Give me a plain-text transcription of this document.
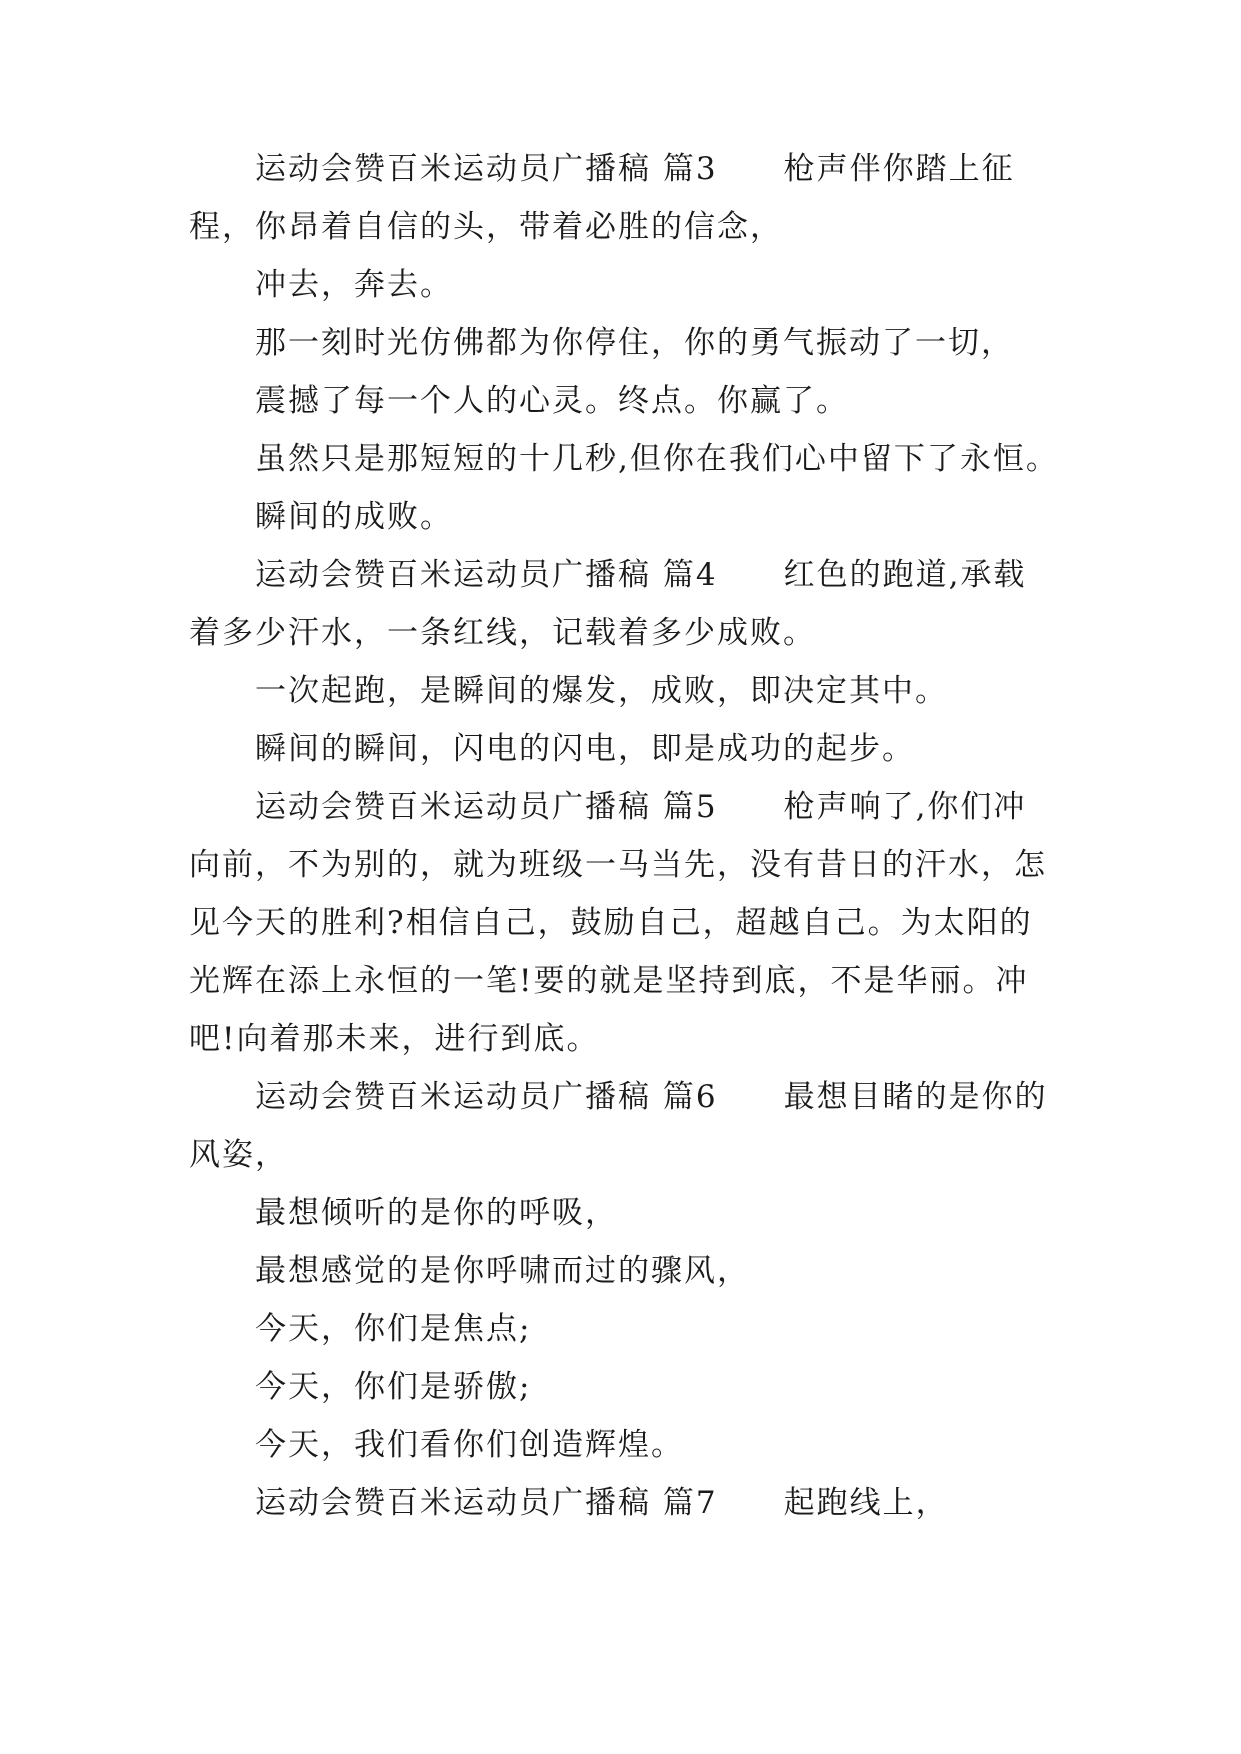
运动会赞百米运动员广播稿 篇3　　枪声伴你踏上征程，你昂着自信的头，带着必胜的信念，

冲去，奔去。

那一刻时光仿佛都为你停住，你的勇气振动了一切，

震撼了每一个人的心灵。终点。你赢了。

虽然只是那短短的十几秒,但你在我们心中留下了永恒。

瞬间的成败。

运动会赞百米运动员广播稿 篇4　　红色的跑道,承载着多少汗水，一条红线，记载着多少成败。

一次起跑，是瞬间的爆发，成败，即决定其中。

瞬间的瞬间，闪电的闪电，即是成功的起步。

运动会赞百米运动员广播稿 篇5　　枪声响了,你们冲向前，不为别的，就为班级一马当先，没有昔日的汗水，怎见今天的胜利?相信自己，鼓励自己，超越自己。为太阳的光辉在添上永恒的一笔!要的就是坚持到底，不是华丽。冲吧!向着那未来，进行到底。

运动会赞百米运动员广播稿 篇6　　最想目睹的是你的风姿，

最想倾听的是你的呼吸，

最想感觉的是你呼啸而过的骤风，

今天，你们是焦点;

今天，你们是骄傲;

今天，我们看你们创造辉煌。

运动会赞百米运动员广播稿 篇7　　起跑线上，
